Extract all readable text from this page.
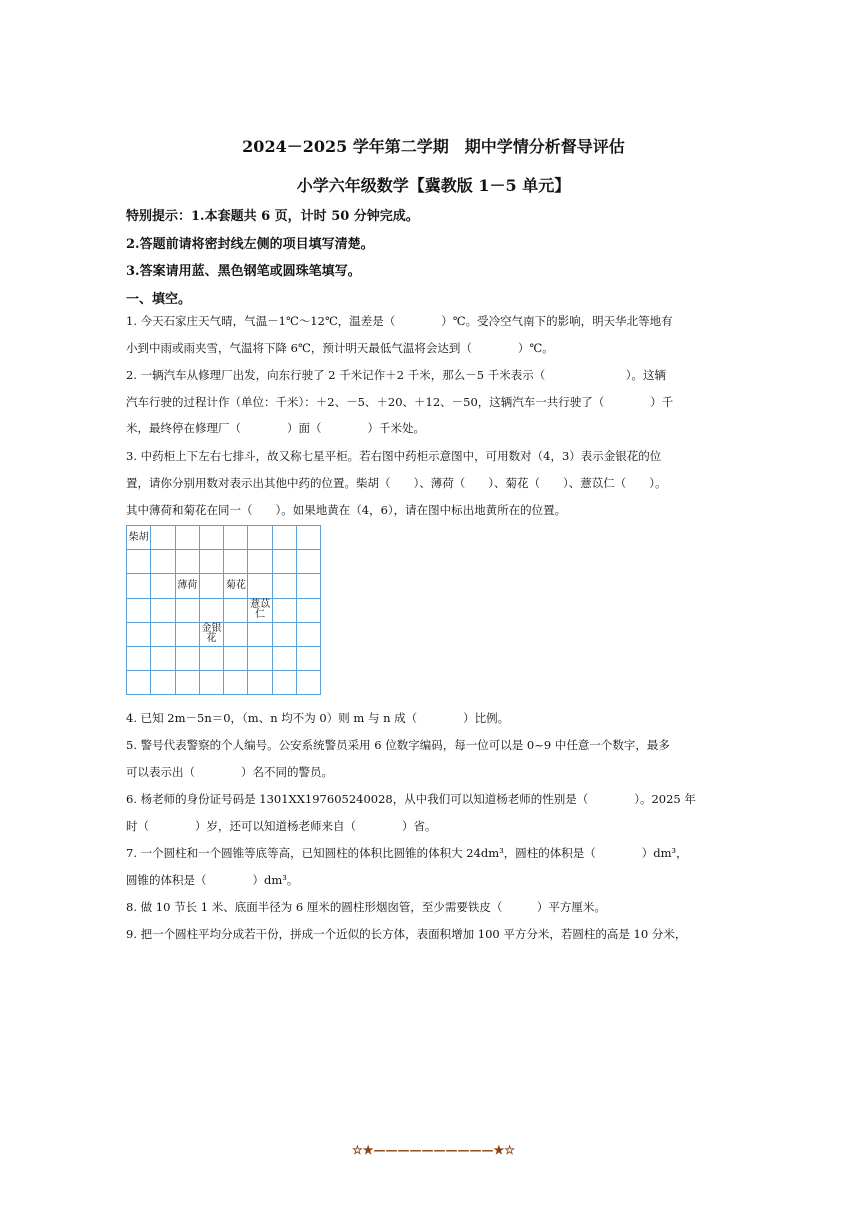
2024－2025 学年第二学期　期中学情分析督导评估
小学六年级数学【冀教版 1－5 单元】
特别提示：1.本套题共 6 页，计时 50 分钟完成。
2.答题前请将密封线左侧的项目填写清楚。
3.答案请用蓝、黑色钢笔或圆珠笔填写。
一、填空。
1. 今天石家庄天气晴，气温－1℃～12℃，温差是（　　　　）℃。受冷空气南下的影响，明天华北等地有
小到中雨或雨夹雪，气温将下降 6℃，预计明天最低气温将会达到（　　　　）℃。
2. 一辆汽车从修理厂出发，向东行驶了 2 千米记作＋2 千米，那么－5 千米表示（　　　　　　　）。这辆
汽车行驶的过程计作（单位：千米）：＋2、－5、＋20、＋12、－50，这辆汽车一共行驶了（　　　　）千
米，最终停在修理厂（　　　　）面（　　　　）千米处。
3. 中药柜上下左右七排斗，故又称七星平柜。若右图中药柜示意图中，可用数对（4，3）表示金银花的位
置，请你分别用数对表示出其他中药的位置。柴胡（　　）、薄荷（　　）、菊花（　　）、薏苡仁（　　）。
其中薄荷和菊花在同一（　　）。如果地黄在（4，6），请在图中标出地黄所在的位置。
柴胡							

		薄荷		菊花			
					薏苡仁		
			金银花				

4. 已知 2m－5n＝0，（m、n 均不为 0）则 m 与 n 成（　　　　）比例。
5. 警号代表警察的个人编号。公安系统警员采用 6 位数字编码，每一位可以是 0~9 中任意一个数字，最多
可以表示出（　　　　）名不同的警员。
6. 杨老师的身份证号码是 1301XX197605240028，从中我们可以知道杨老师的性别是（　　　　）。2025 年
时（　　　　）岁，还可以知道杨老师来自（　　　　）省。
7. 一个圆柱和一个圆锥等底等高，已知圆柱的体积比圆锥的体积大 24dm³，圆柱的体积是（　　　　）dm³，
圆锥的体积是（　　　　）dm³。
8. 做 10 节长 1 米、底面半径为 6 厘米的圆柱形烟囱管，至少需要铁皮（　　　）平方厘米。
9. 把一个圆柱平均分成若干份，拼成一个近似的长方体，表面积增加 100 平方分米，若圆柱的高是 10 分米，
☆★——————————★☆
